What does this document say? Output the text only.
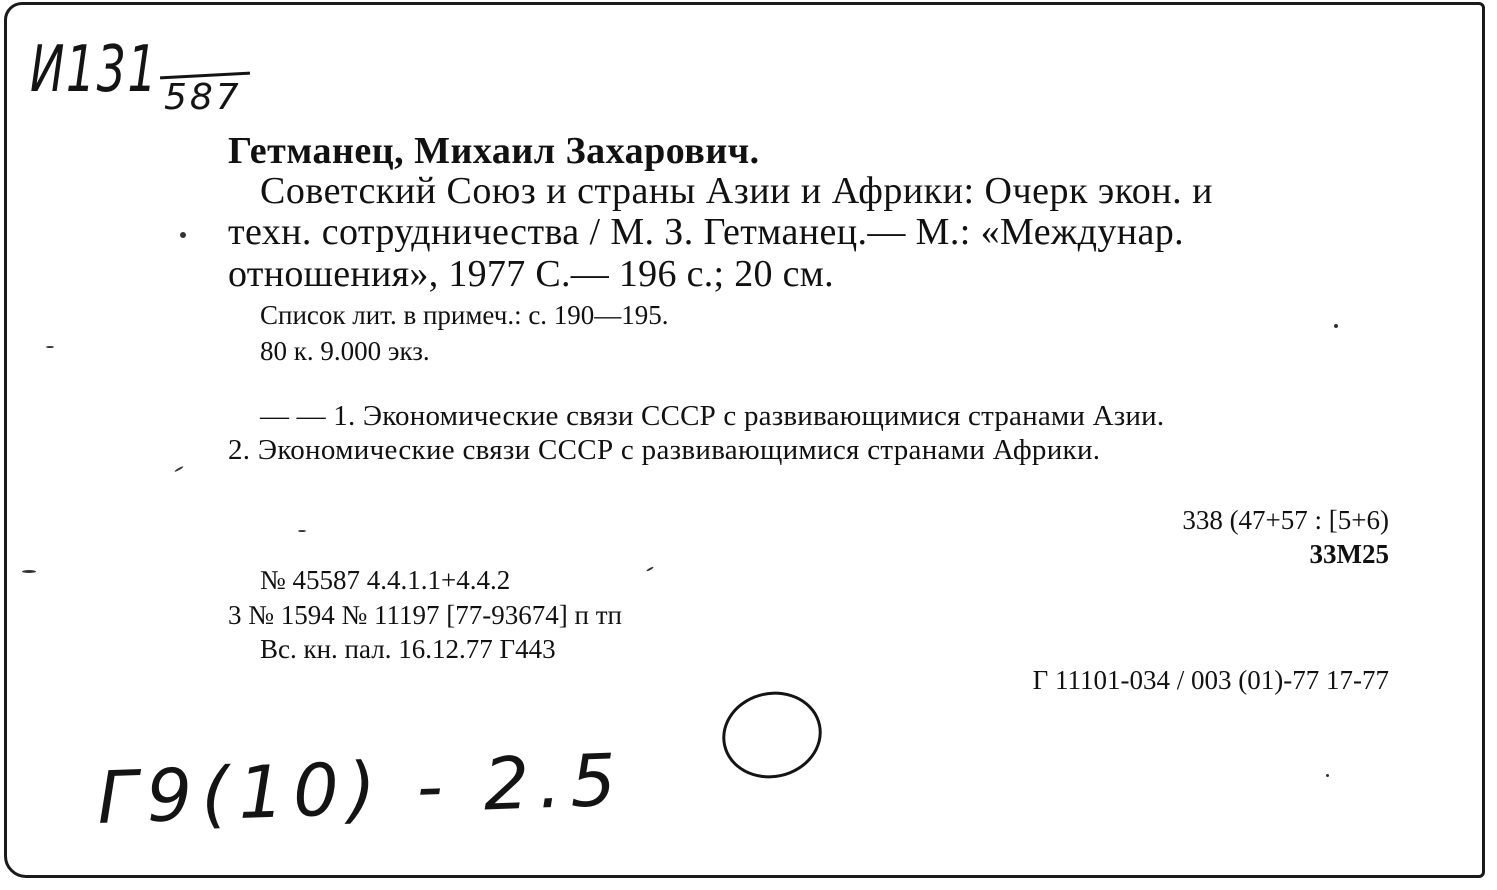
И131 587
Гетманец, Михаил Захарович.
Советский Союз и страны Азии и Африки: Очерк экон. и
техн. сотрудничества / М. З. Гетманец.— М.: «Междунар.
отношения», 1977 С.— 196 с.; 20 см.
Список лит. в примеч.: с. 190—195.
80 к. 9.000 экз.
— — 1. Экономические связи СССР с развивающимися странами Азии.
2. Экономические связи СССР с развивающимися странами Африки.
338 (47+57 : [5+6)
33М25
№ 45587 4.4.1.1+4.4.2
3 № 1594 № 11197 [77-93674] п тп
Вс. кн. пал. 16.12.77 Г443
Г 11101-034 / 003 (01)-77 17-77
Г9(10) - 2.5
